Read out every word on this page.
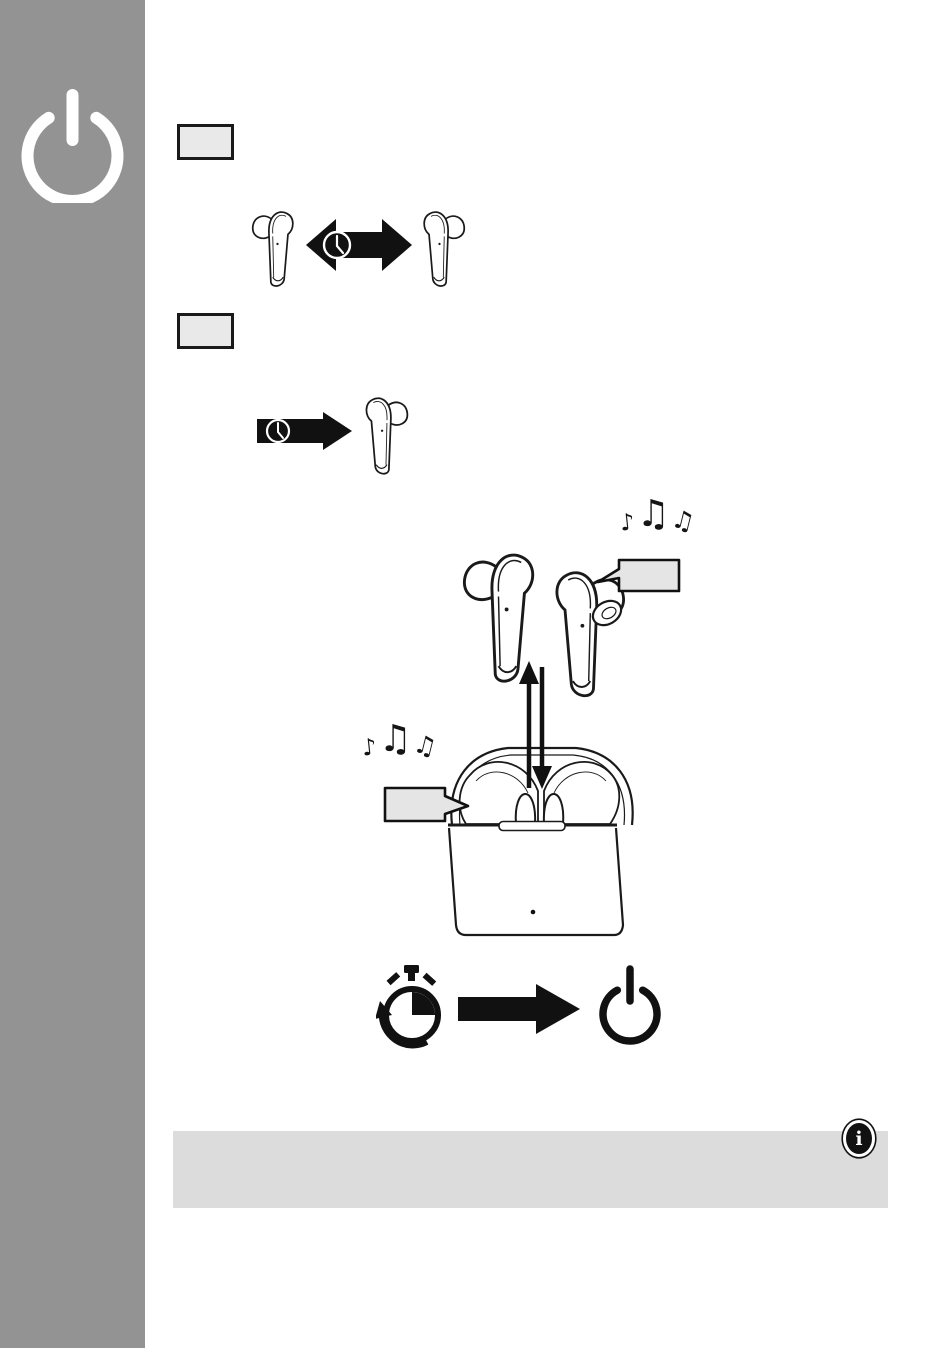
♪ ♫
♫
♪ ♫
♫
i
